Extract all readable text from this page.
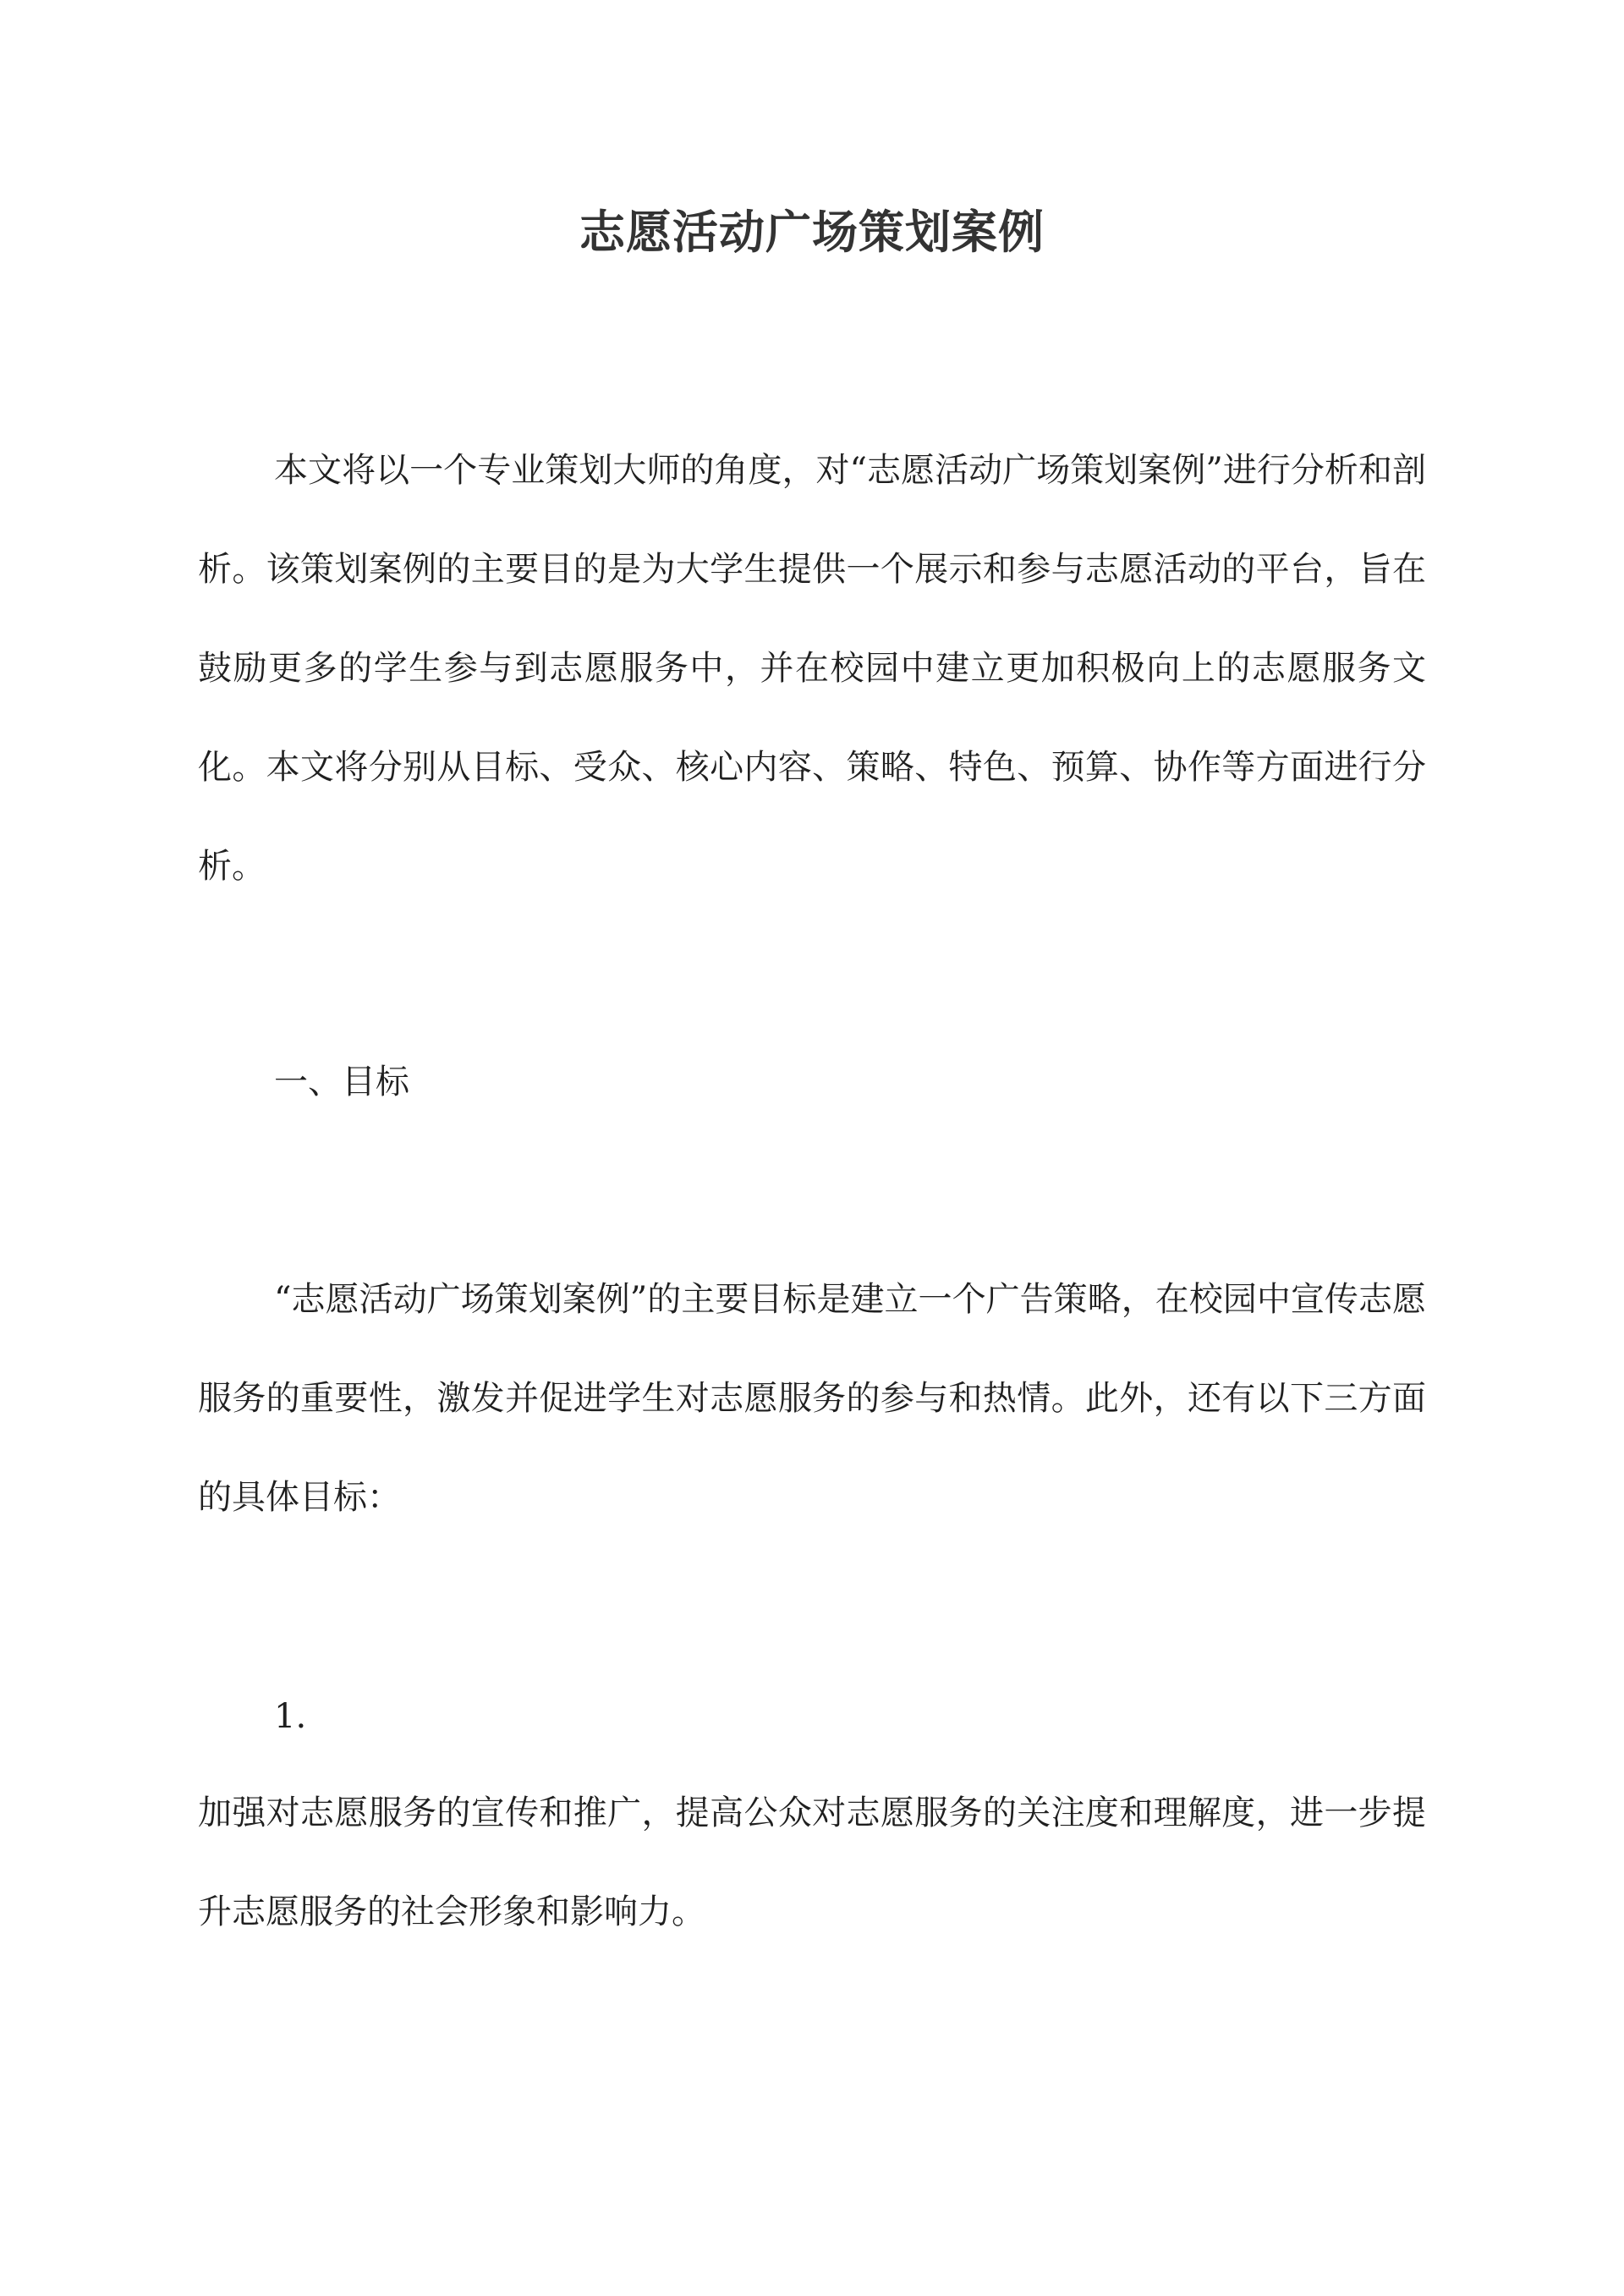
志愿活动广场策划案例

本文将以一个专业策划大师的角度，对“志愿活动广场策划案例”进行分析和剖析。该策划案例的主要目的是为大学生提供一个展示和参与志愿活动的平台，旨在鼓励更多的学生参与到志愿服务中，并在校园中建立更加积极向上的志愿服务文化。本文将分别从目标、受众、核心内容、策略、特色、预算、协作等方面进行分析。

一、目标

“志愿活动广场策划案例”的主要目标是建立一个广告策略，在校园中宣传志愿服务的重要性，激发并促进学生对志愿服务的参与和热情。此外，还有以下三方面的具体目标：

1.

加强对志愿服务的宣传和推广，提高公众对志愿服务的关注度和理解度，进一步提升志愿服务的社会形象和影响力。
